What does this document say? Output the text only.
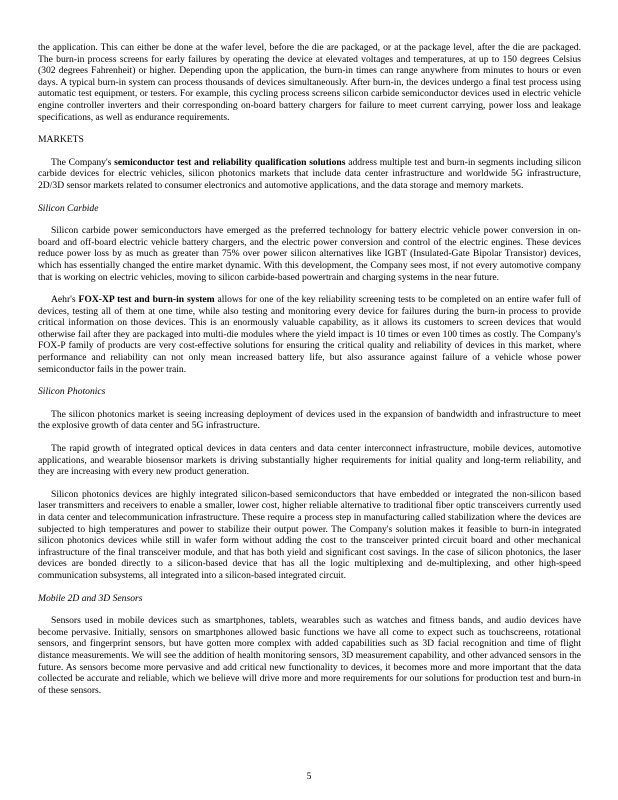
the application. This can either be done at the wafer level, before the die are packaged, or at the package level, after the die are packaged. The burn-in process screens for early failures by operating the device at elevated voltages and temperatures, at up to 150 degrees Celsius (302 degrees Fahrenheit) or higher. Depending upon the application, the burn-in times can range anywhere from minutes to hours or even days. A typical burn-in system can process thousands of devices simultaneously. After burn-in, the devices undergo a final test process using automatic test equipment, or testers. For example, this cycling process screens silicon carbide semiconductor devices used in electric vehicle engine controller inverters and their corresponding on-board battery chargers for failure to meet current carrying, power loss and leakage specifications, as well as endurance requirements.

MARKETS

The Company's semiconductor test and reliability qualification solutions address multiple test and burn-in segments including silicon carbide devices for electric vehicles, silicon photonics markets that include data center infrastructure and worldwide 5G infrastructure, 2D/3D sensor markets related to consumer electronics and automotive applications, and the data storage and memory markets.

Silicon Carbide

Silicon carbide power semiconductors have emerged as the preferred technology for battery electric vehicle power conversion in on-board and off-board electric vehicle battery chargers, and the electric power conversion and control of the electric engines. These devices reduce power loss by as much as greater than 75% over power silicon alternatives like IGBT (Insulated-Gate Bipolar Transistor) devices, which has essentially changed the entire market dynamic. With this development, the Company sees most, if not every automotive company that is working on electric vehicles, moving to silicon carbide-based powertrain and charging systems in the near future.

Aehr's FOX-XP test and burn-in system allows for one of the key reliability screening tests to be completed on an entire wafer full of devices, testing all of them at one time, while also testing and monitoring every device for failures during the burn-in process to provide critical information on those devices. This is an enormously valuable capability, as it allows its customers to screen devices that would otherwise fail after they are packaged into multi-die modules where the yield impact is 10 times or even 100 times as costly. The Company's FOX-P family of products are very cost-effective solutions for ensuring the critical quality and reliability of devices in this market, where performance and reliability can not only mean increased battery life, but also assurance against failure of a vehicle whose power semiconductor fails in the power train.

Silicon Photonics

The silicon photonics market is seeing increasing deployment of devices used in the expansion of bandwidth and infrastructure to meet the explosive growth of data center and 5G infrastructure.

The rapid growth of integrated optical devices in data centers and data center interconnect infrastructure, mobile devices, automotive applications, and wearable biosensor markets is driving substantially higher requirements for initial quality and long-term reliability, and they are increasing with every new product generation.

Silicon photonics devices are highly integrated silicon-based semiconductors that have embedded or integrated the non-silicon based laser transmitters and receivers to enable a smaller, lower cost, higher reliable alternative to traditional fiber optic transceivers currently used in data center and telecommunication infrastructure. These require a process step in manufacturing called stabilization where the devices are subjected to high temperatures and power to stabilize their output power. The Company's solution makes it feasible to burn-in integrated silicon photonics devices while still in wafer form without adding the cost to the transceiver printed circuit board and other mechanical infrastructure of the final transceiver module, and that has both yield and significant cost savings. In the case of silicon photonics, the laser devices are bonded directly to a silicon-based device that has all the logic multiplexing and de-multiplexing, and other high-speed communication subsystems, all integrated into a silicon-based integrated circuit.

Mobile 2D and 3D Sensors

Sensors used in mobile devices such as smartphones, tablets, wearables such as watches and fitness bands, and audio devices have become pervasive. Initially, sensors on smartphones allowed basic functions we have all come to expect such as touchscreens, rotational sensors, and fingerprint sensors, but have gotten more complex with added capabilities such as 3D facial recognition and time of flight distance measurements. We will see the addition of health monitoring sensors, 3D measurement capability, and other advanced sensors in the future. As sensors become more pervasive and add critical new functionality to devices, it becomes more and more important that the data collected be accurate and reliable, which we believe will drive more and more requirements for our solutions for production test and burn-in of these sensors.

5
